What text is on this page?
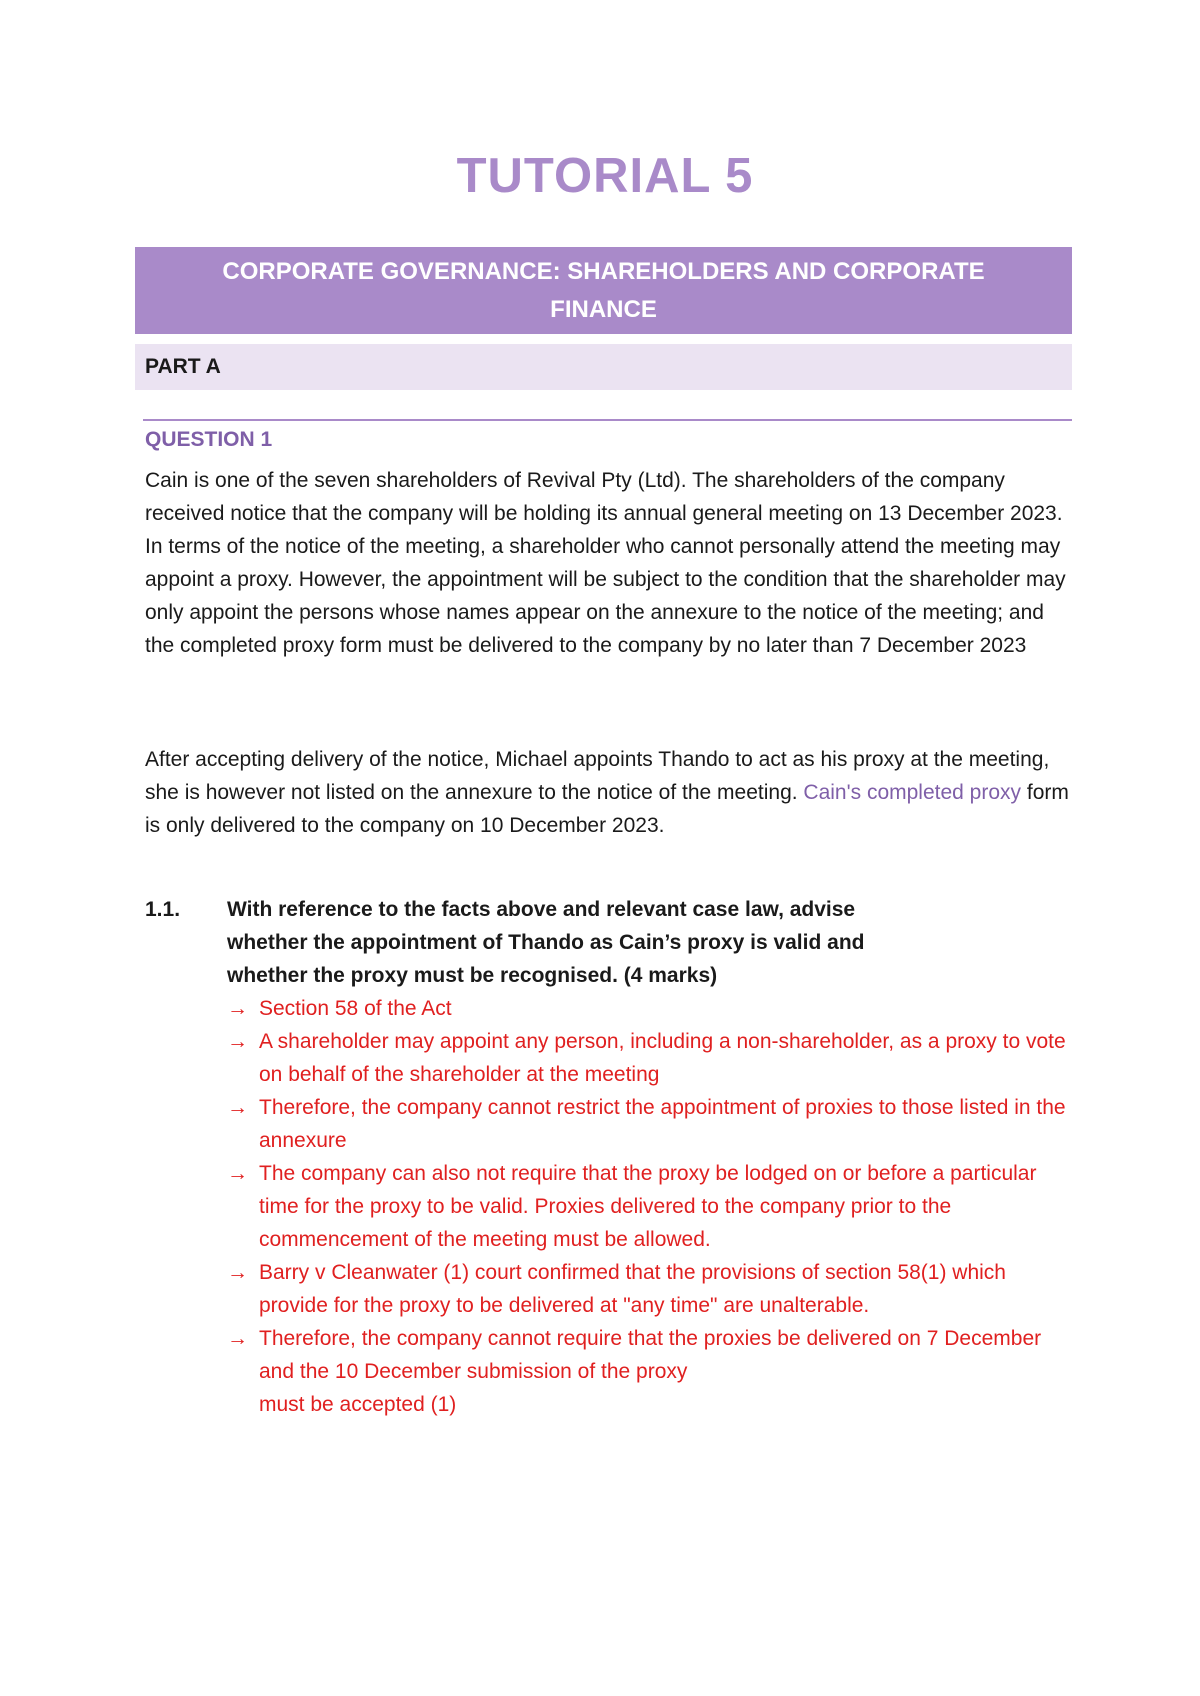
TUTORIAL 5
CORPORATE GOVERNANCE: SHAREHOLDERS AND CORPORATE
FINANCE
PART A
QUESTION 1
Cain is one of the seven shareholders of Revival Pty (Ltd). The shareholders of the company received notice that the company will be holding its annual general meeting on 13 December 2023. In terms of the notice of the meeting, a shareholder who cannot personally attend the meeting may appoint a proxy. However, the appointment will be subject to the condition that the shareholder may only appoint the persons whose names appear on the annexure to the notice of the meeting; and the completed proxy form must be delivered to the company by no later than 7 December 2023
After accepting delivery of the notice, Michael appoints Thando to act as his proxy at the meeting, she is however not listed on the annexure to the notice of the meeting. Cain's completed proxy form is only delivered to the company on 10 December 2023.
1.1. With reference to the facts above and relevant case law, advise whether the appointment of Thando as Cain’s proxy is valid and whether the proxy must be recognised. (4 marks)
→ Section 58 of the Act
→ A shareholder may appoint any person, including a non-shareholder, as a proxy to vote on behalf of the shareholder at the meeting
→ Therefore, the company cannot restrict the appointment of proxies to those listed in the annexure
→ The company can also not require that the proxy be lodged on or before a particular time for the proxy to be valid. Proxies delivered to the company prior to the commencement of the meeting must be allowed.
→ Barry v Cleanwater (1) court confirmed that the provisions of section 58(1) which provide for the proxy to be delivered at "any time" are unalterable.
→ Therefore, the company cannot require that the proxies be delivered on 7 December and the 10 December submission of the proxy
must be accepted (1)
